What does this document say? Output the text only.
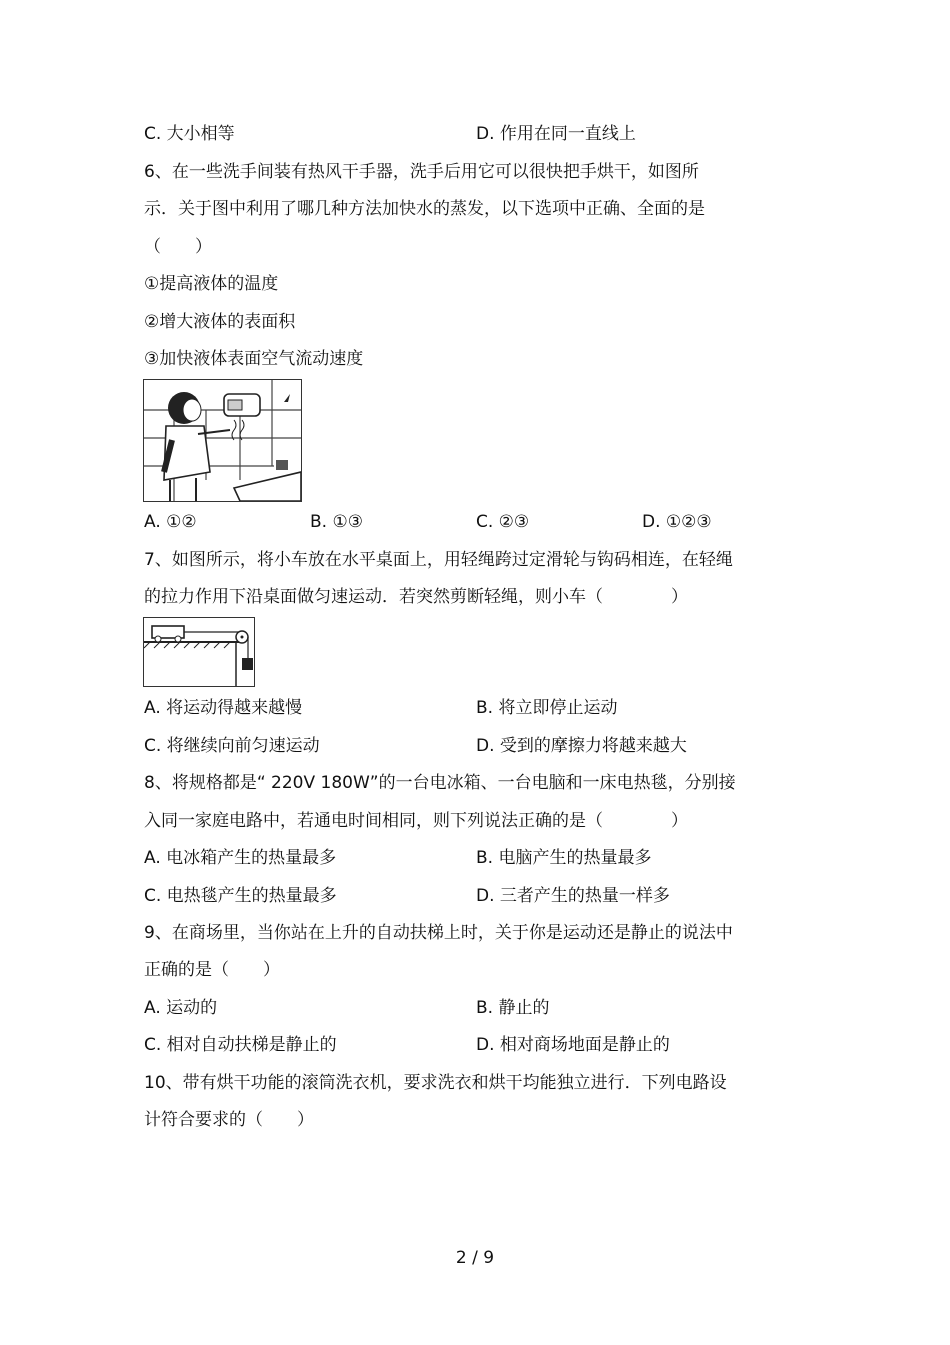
C. 大小相等	D. 作用在同一直线上
6、在一些洗手间装有热风干手器，洗手后用它可以很快把手烘干，如图所
示．关于图中利用了哪几种方法加快水的蒸发，以下选项中正确、全面的是
（　　）
①提高液体的温度
②增大液体的表面积
③加快液体表面空气流动速度
A. ①②	B. ①③	C. ②③	D. ①②③
7、如图所示，将小车放在水平桌面上，用轻绳跨过定滑轮与钩码相连，在轻绳
的拉力作用下沿桌面做匀速运动．若突然剪断轻绳，则小车（　　　　）
A. 将运动得越来越慢	B. 将立即停止运动
C. 将继续向前匀速运动	D. 受到的摩擦力将越来越大
8、将规格都是“ 220V 180W”的一台电冰箱、一台电脑和一床电热毯，分别接
入同一家庭电路中，若通电时间相同，则下列说法正确的是（　　　　）
A. 电冰箱产生的热量最多	B. 电脑产生的热量最多
C. 电热毯产生的热量最多	D. 三者产生的热量一样多
9、在商场里，当你站在上升的自动扶梯上时，关于你是运动还是静止的说法中
正确的是（　　）
A. 运动的	B. 静止的
C. 相对自动扶梯是静止的	D. 相对商场地面是静止的
10、带有烘干功能的滚筒洗衣机，要求洗衣和烘干均能独立进行．下列电路设
计符合要求的（　　）
2 / 9
